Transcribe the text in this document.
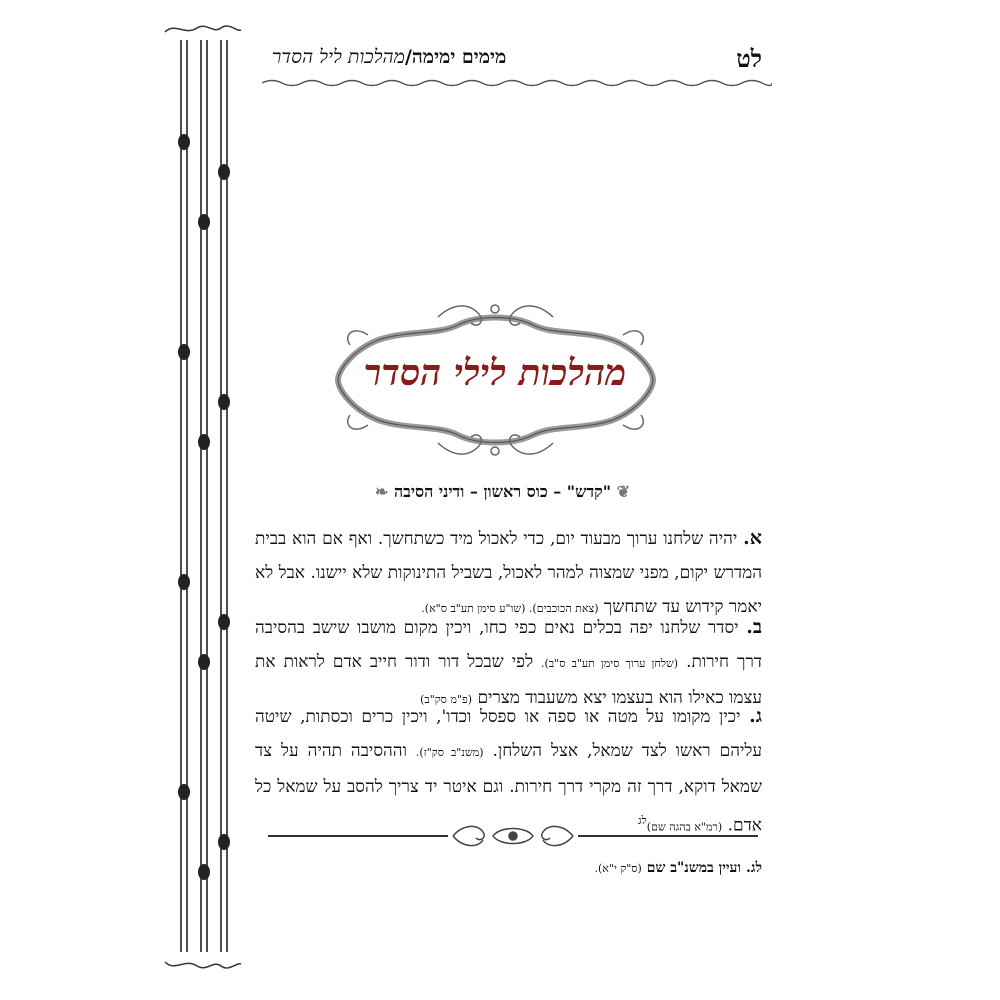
לט
מימים ימימה/מהלכות ליל הסדר
מהלכות לילי הסדר
❦ "קדש" – כוס ראשון – ודיני הסיבה ❧
א. יהיה שלחנו ערוך מבעוד יום, כדי לאכול מיד כשתחשך. ואף אם הוא בבית המדרש יקום, מפני שמצוה למהר לאכול, בשביל התינוקות שלא יישנו. אבל לא יאמר קידוש עד שתחשך (צאת הכוכבים). (שו"ע סימן תע"ב ס"א).
ב. יסדר שלחנו יפה בכלים נאים כפי כחו, ויכין מקום מושבו שישב בהסיבה דרך חירות. (שלחן ערוך סימן תע"ב ס"ב). לפי שבכל דור ודור חייב אדם לראות את עצמו כאילו הוא בעצמו יצא משעבוד מצרים (פ"מ סק"ב)
ג. יכין מקומו על מטה או ספה או ספסל וכדו', ויכין כרים וכסתות, שיטה עליהם ראשו לצד שמאל, אצל השלחן. (משנ"ב סק"ז). וההסיבה תהיה על צד שמאל דוקא, דרך זה מקרי דרך חירות. וגם איטר יד צריך להסב על שמאל כל אדם. (רמ"א בהגה שם)$^{לג}$
לג. ועיין במשנ"ב שם (ס"ק י"א).
